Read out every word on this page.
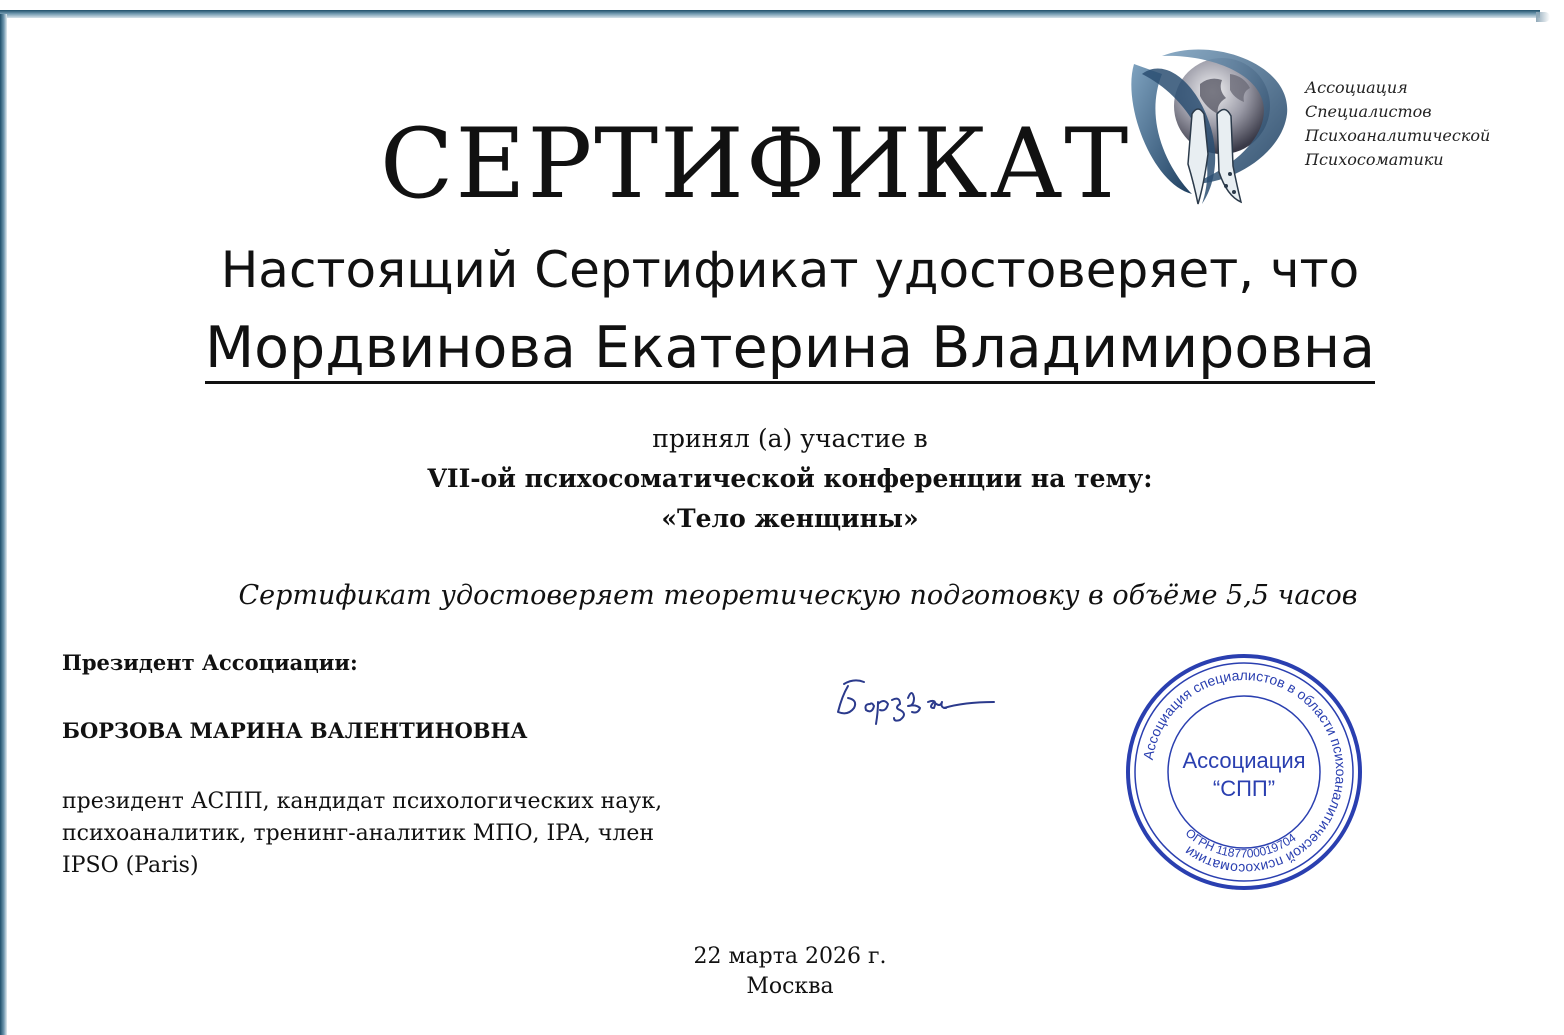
СЕРТИФИКАТ
Ассоциация
Специалистов
Психоаналитической
Психосоматики
Настоящий Сертификат удостоверяет, что
Мордвинова Екатерина Владимировна
принял (а) участие в
VII-ой психосоматической конференции на тему:
«Тело женщины»
Сертификат удостоверяет теоретическую подготовку в объёме 5,5 часов
Президент Ассоциации:
БОРЗОВА МАРИНА ВАЛЕНТИНОВНА
президент АСПП, кандидат психологических наук,
психоаналитик, тренинг-аналитик МПО, IPA, член
IPSO (Paris)
Ассоциация специалистов в области психоаналитической психосоматики
ОГРН 1187700019704
Ассоциация
“СПП”
22 марта 2026 г.
Москва
